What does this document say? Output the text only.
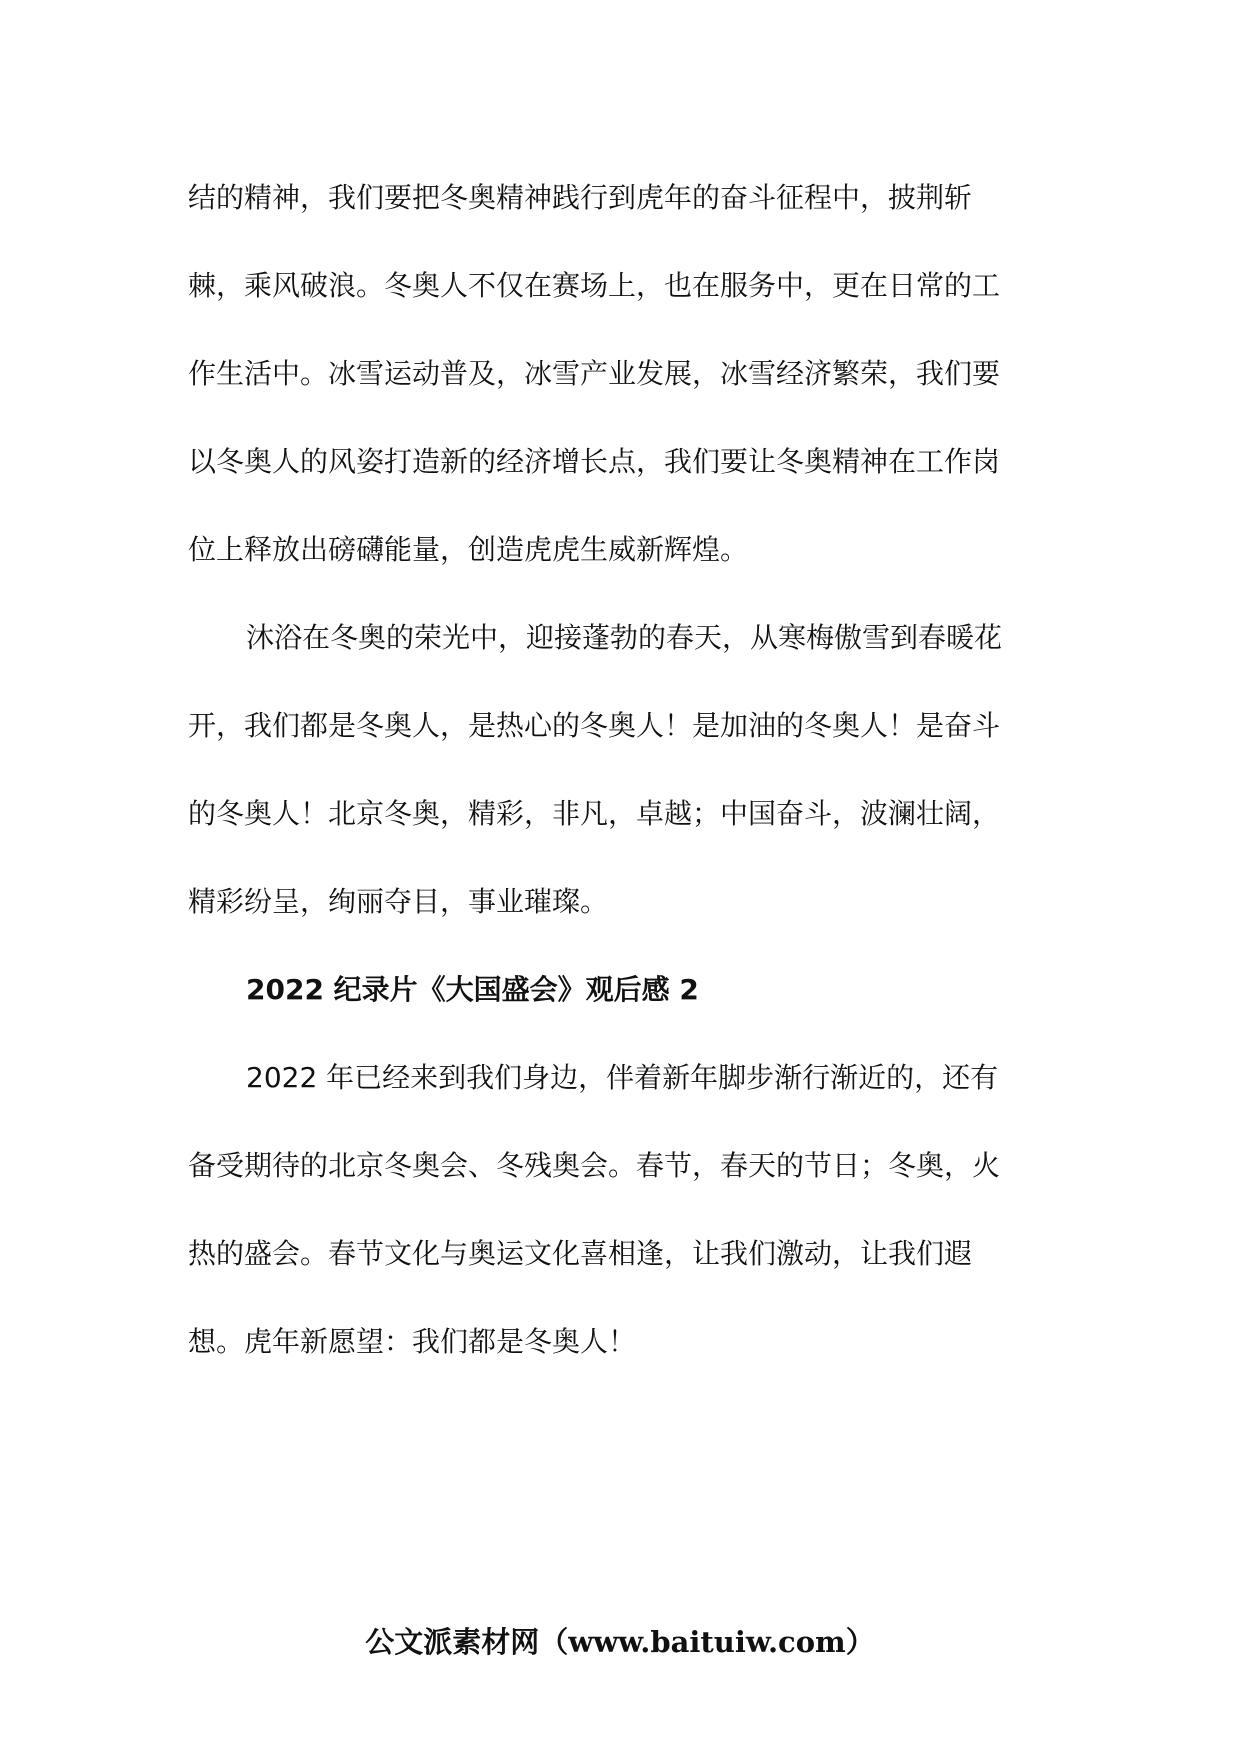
结的精神，我们要把冬奥精神践行到虎年的奋斗征程中，披荆斩
棘，乘风破浪。冬奥人不仅在赛场上，也在服务中，更在日常的工
作生活中。冰雪运动普及，冰雪产业发展，冰雪经济繁荣，我们要
以冬奥人的风姿打造新的经济增长点，我们要让冬奥精神在工作岗
位上释放出磅礴能量，创造虎虎生威新辉煌。
沐浴在冬奥的荣光中，迎接蓬勃的春天，从寒梅傲雪到春暖花
开，我们都是冬奥人，是热心的冬奥人！是加油的冬奥人！是奋斗
的冬奥人！北京冬奥，精彩，非凡，卓越；中国奋斗，波澜壮阔，
精彩纷呈，绚丽夺目，事业璀璨。
2022 纪录片《大国盛会》观后感 2
2022 年已经来到我们身边，伴着新年脚步渐行渐近的，还有
备受期待的北京冬奥会、冬残奥会。春节，春天的节日；冬奥，火
热的盛会。春节文化与奥运文化喜相逢，让我们激动，让我们遐
想。虎年新愿望：我们都是冬奥人！
公文派素材网（www.baituiw.com）
